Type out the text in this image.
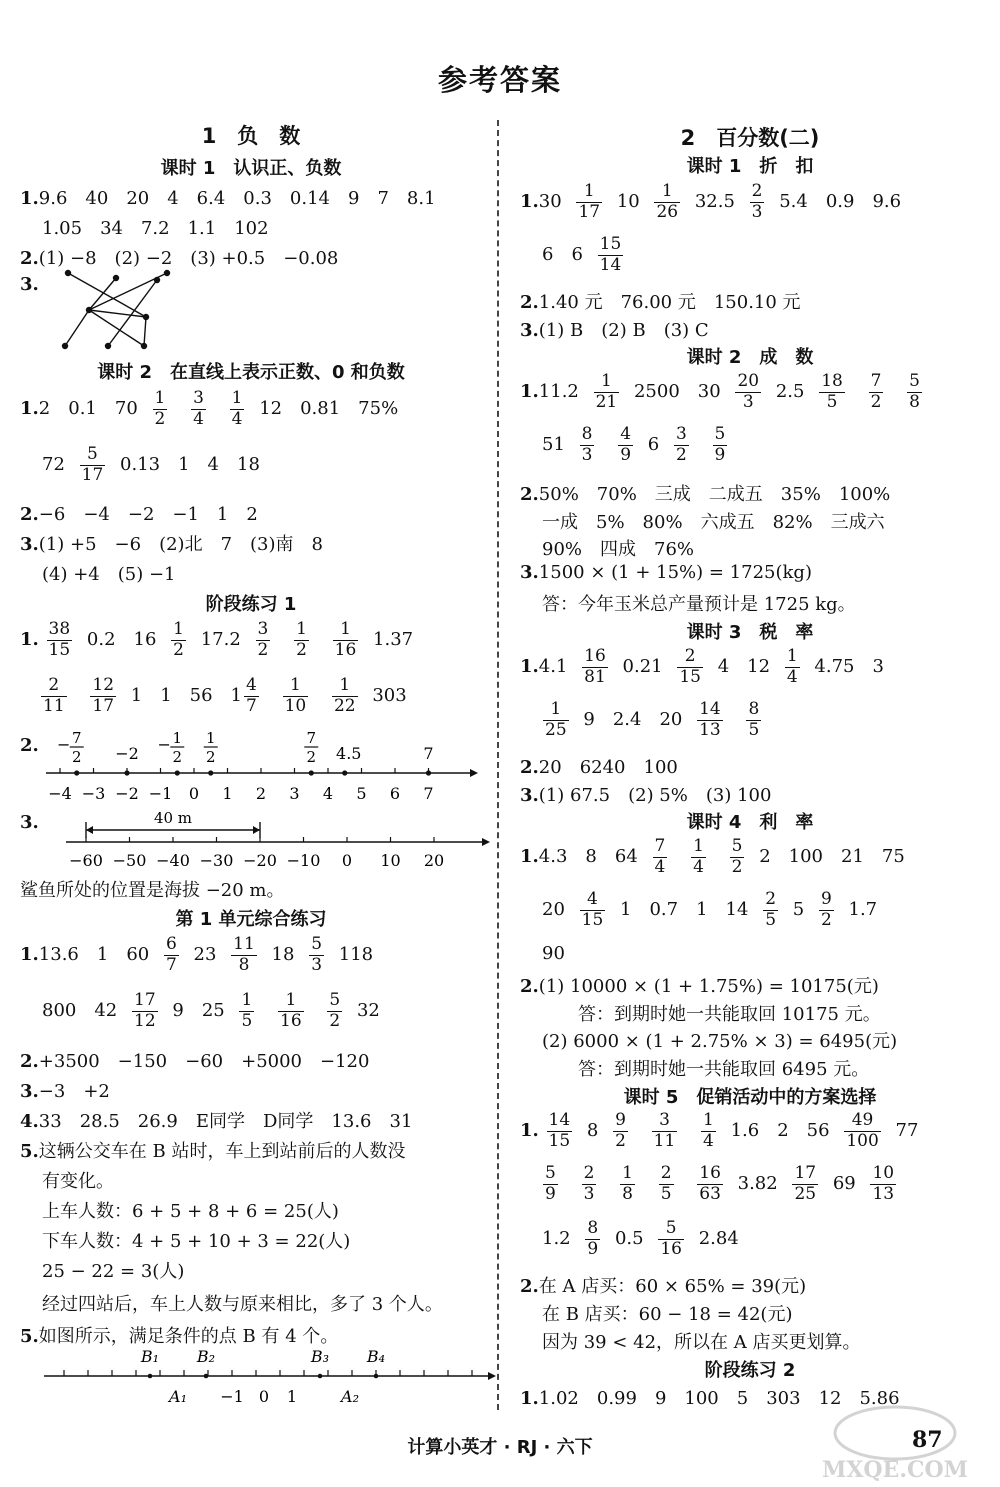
参考答案
1　负　数
课时 1　认识正、负数
1.9.6　40　20　4　6.4　0.3　0.14　9　7　8.1
1.05　34　7.2　1.1　102
2.(1) −8　(2) −2　(3) +0.5　−0.08
3.
课时 2　在直线上表示正数、0 和负数
1.2　0.1　$70 \frac{1}{2}$
$\frac{3}{4}$
$\frac{1}{4} 12$　0.81　75%
$72 \frac{5}{17} 0.13$　1　4　18
2.−6　−4　−2　−1　1　2
3.(1) +5　−6　(2)北　7　(3)南　8
(4) +4　(5) −1
阶段练习 1
1. $\frac{38}{15} 0.2$　$16 \frac{1}{2} 17.2 \frac{3}{2}$
$\frac{1}{2}$
$\frac{1}{16} 1.37$
$\frac{2}{11}$
$\frac{12}{17} 1$　1　56　$1 \frac{4}{7}$
$\frac{1}{10}$
$\frac{1}{22} 303$
2.
−4 −3 −2 −1 0 1 2 3 4 5 6 7
− 7
2 −2 − 1
2
1
2
7
2 4.5	7
3.	40 m
−60 −50 −40 −30 −20 −10 0 10 20
鲨鱼所处的位置是海拔 −20 m。
第 1 单元综合练习
1.13.6　1　$60 \frac{6}{7} 23 \frac{11}{8} 18 \frac{5}{3} 118$
800　$42 \frac{17}{12} 9$　$25 \frac{1}{5}$
$\frac{1}{16}$
$\frac{5}{2} 32$
2.+3500　−150　−60　+5000　−120
3.−3　+2
4.33　28.5　26.9　E同学　D同学　13.6　31
5.这辆公交车在 B 站时，车上到站前后的人数没
有变化。
上车人数：6 + 5 + 8 + 6 = 25(人)
下车人数：4 + 5 + 10 + 3 = 22(人)
25 − 22 = 3(人)
经过四站后，车上人数与原来相比，多了 3 个人。
5.如图所示，满足条件的点 B 有 4 个。
B₁ B₂	B₃ B₄
A₁ −1 0 1	A₂
2　百分数(二)
课时 1　折　扣
$1.30 \frac{1}{17} 10 \frac{1}{26} 32.5 \frac{2}{3} 5.4$　0.9　9.6
6　$6 \frac{15}{14}$
2.1.40 元　76.00 元　150.10 元
3.(1) B　(2) B　(3) C
课时 2　成　数
$1.11.2 \frac{1}{21} 2500$　$30 \frac{20}{3} 2.5 \frac{18}{5}$
$\frac{7}{2}$
$\frac{5}{8}$
$51 \frac{8}{3}$
$\frac{4}{9} 6 \frac{3}{2}$
$\frac{5}{9}$
2.50%　70%　三成　二成五　35%　100%
一成　5%　80%　六成五　82%　三成六
90%　四成　76%
3.1500 × (1 + 15%) = 1725(kg)
答：今年玉米总产量预计是 1725 kg。
课时 3　税　率
$1.4.1 \frac{16}{81} 0.21 \frac{2}{15} 4$　$12 \frac{1}{4} 4.75$　3
$\frac{1}{25} 9$　2.4　$20 \frac{14}{13}$
$\frac{8}{5}$
2.20　6240　100
3.(1) 67.5　(2) 5%　(3) 100
课时 4　利　率
1.4.3　8　$64 \frac{7}{4}$
$\frac{1}{4}$
$\frac{5}{2} 2$　100　21　75
$20 \frac{4}{15} 1$　0.7　1　$14 \frac{2}{5} 5 \frac{9}{2} 1.7$
90
2.(1) 10000 × (1 + 1.75%) = 10175(元)
答：到期时她一共能取回 10175 元。
(2) 6000 × (1 + 2.75% × 3) = 6495(元)
答：到期时她一共能取回 6495 元。
课时 5　促销活动中的方案选择
1. $\frac{14}{15} 8 \frac{9}{2}$
$\frac{3}{11}$
$\frac{1}{4} 1.6$　2　$56 \frac{49}{100} 77$
$\frac{5}{9}$
$\frac{2}{3}$
$\frac{1}{8}$
$\frac{2}{5}$
$\frac{16}{63} 3.82 \frac{17}{25} 69 \frac{10}{13}$
$1.2 \frac{8}{9} 0.5 \frac{5}{16} 2.84$
2.在 A 店买：60 × 65% = 39(元)
在 B 店买：60 − 18 = 42(元)
因为 39 < 42，所以在 A 店买更划算。
阶段练习 2
1.1.02　0.99　9　100　5　303　12　5.86
计算小英才 · RJ · 六下	87
MXQE.COM
